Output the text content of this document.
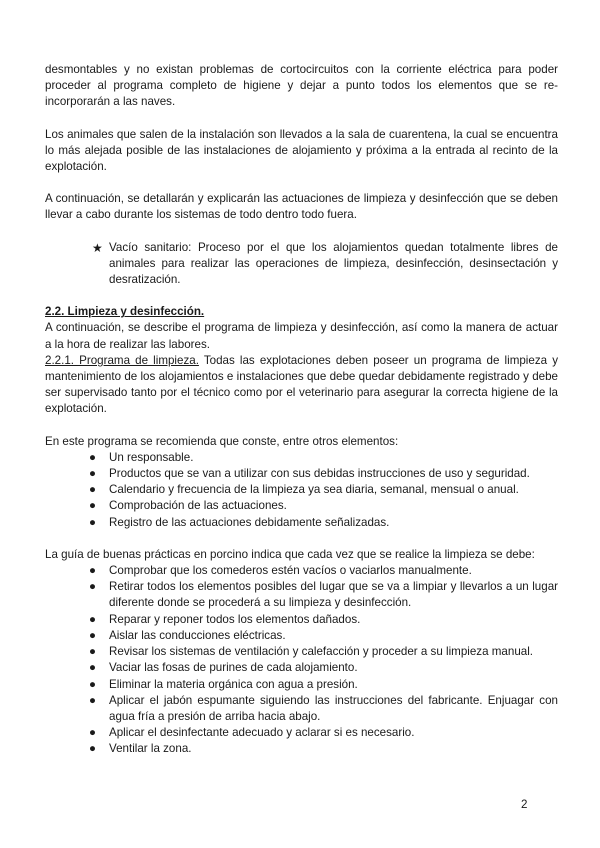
desmontables y no existan problemas de cortocircuitos con la corriente eléctrica para poder proceder al programa completo de higiene y dejar a punto todos los elementos que se re-incorporarán a las naves.

Los animales que salen de la instalación son llevados a la sala de cuarentena, la cual se encuentra lo más alejada posible de las instalaciones de alojamiento y próxima a la entrada al recinto de la explotación.

A continuación, se detallarán y explicarán las actuaciones de limpieza y desinfección que se deben llevar a cabo durante los sistemas de todo dentro todo fuera.

★ Vacío sanitario: Proceso por el que los alojamientos quedan totalmente libres de animales para realizar las operaciones de limpieza, desinfección, desinsectación y desratización.

2.2. Limpieza y desinfección.

A continuación, se describe el programa de limpieza y desinfección, así como la manera de actuar a la hora de realizar las labores.

2.2.1. Programa de limpieza. Todas las explotaciones deben poseer un programa de limpieza y mantenimiento de los alojamientos e instalaciones que debe quedar debidamente registrado y debe ser supervisado tanto por el técnico como por el veterinario para asegurar la correcta higiene de la explotación.

En este programa se recomienda que conste, entre otros elementos:

● Un responsable.
● Productos que se van a utilizar con sus debidas instrucciones de uso y seguridad.
● Calendario y frecuencia de la limpieza ya sea diaria, semanal, mensual o anual.
● Comprobación de las actuaciones.
● Registro de las actuaciones debidamente señalizadas.

La guía de buenas prácticas en porcino indica que cada vez que se realice la limpieza se debe:

● Comprobar que los comederos estén vacíos o vaciarlos manualmente.
● Retirar todos los elementos posibles del lugar que se va a limpiar y llevarlos a un lugar diferente donde se procederá a su limpieza y desinfección.
● Reparar y reponer todos los elementos dañados.
● Aislar las conducciones eléctricas.
● Revisar los sistemas de ventilación y calefacción y proceder a su limpieza manual.
● Vaciar las fosas de purines de cada alojamiento.
● Eliminar la materia orgánica con agua a presión.
● Aplicar el jabón espumante siguiendo las instrucciones del fabricante. Enjuagar con agua fría a presión de arriba hacia abajo.
● Aplicar el desinfectante adecuado y aclarar si es necesario.
● Ventilar la zona.
2
